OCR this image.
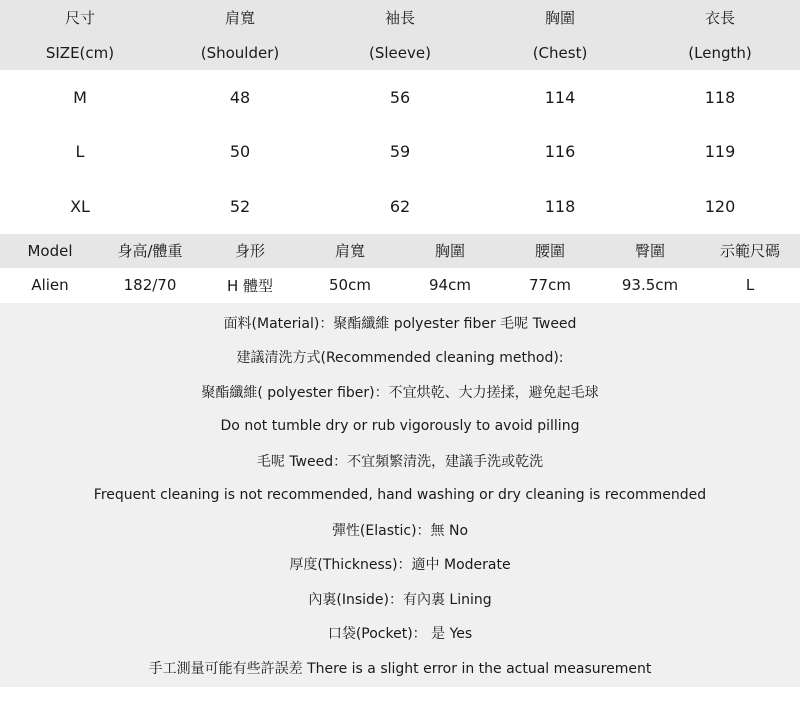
尺寸	肩寬	袖長	胸圍	衣長
SIZE(cm)	(Shoulder)	(Sleeve)	(Chest)	(Length)
M	48	56	114	118
L	50	59	116	119
XL	52	62	118	120
Model	身高/體重	身形	肩寬	胸圍	腰圍	臀圍	示範尺碼
Alien	182/70	H 體型	50cm	94cm	77cm	93.5cm	L
面料(Material)：聚酯纖維 polyester fiber 毛呢 Tweed
建議清洗方式(Recommended cleaning method):
聚酯纖維( polyester fiber)：不宜烘乾、大力搓揉，避免起毛球
Do not tumble dry or rub vigorously to avoid pilling
毛呢 Tweed：不宜頻繁清洗，建議手洗或乾洗
Frequent cleaning is not recommended, hand washing or dry cleaning is recommended
彈性(Elastic)：無 No
厚度(Thickness)：適中 Moderate
內裏(Inside)：有內裏 Lining
口袋(Pocket)： 是 Yes
手工測量可能有些許誤差 There is a slight error in the actual measurement
